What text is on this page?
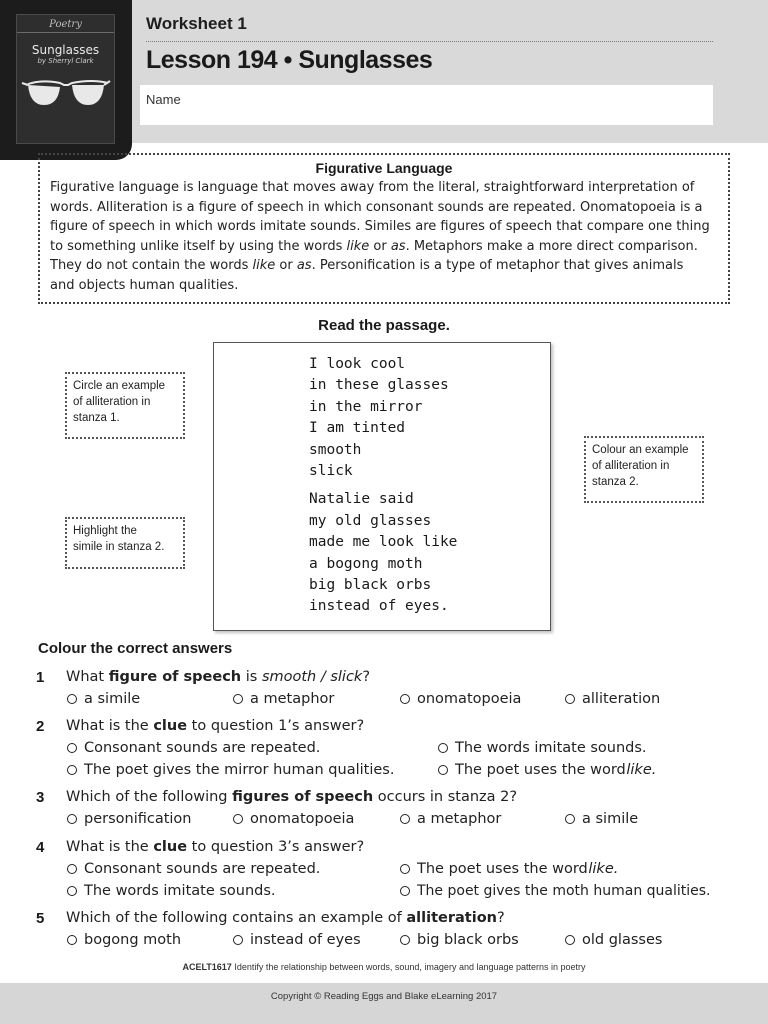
Poetry
Sunglasses
by Sherryl Clark
Worksheet 1
Lesson 194 • Sunglasses
Name
Figurative Language

Figurative language is language that moves away from the literal, straightforward interpretation of

words. Alliteration is a figure of speech in which consonant sounds are repeated. Onomatopoeia is a

figure of speech in which words imitate sounds. Similes are figures of speech that compare one thing

to something unlike itself by using the words like or as. Metaphors make a more direct comparison.

They do not contain the words like or as. Personification is a type of metaphor that gives animals

and objects human qualities.

Read the passage.
I look cool
in these glasses
in the mirror
I am tinted
smooth
slick
Natalie said
my old glasses
made me look like
a bogong moth
big black orbs
instead of eyes.
Circle an example
of alliteration in
stanza 1.
Highlight the
simile in stanza 2.
Colour an example
of alliteration in
stanza 2.
Colour the correct answers
1 What figure of speech is smooth / slick?
a simile	a metaphor	onomatopoeia	alliteration
2 What is the clue to question 1’s answer?
Consonant sounds are repeated.	The words imitate sounds.
The poet gives the mirror human qualities.	The poet uses the word
like.
3 Which of the following figures of speech occurs in stanza 2?
personification	onomatopoeia	a metaphor	a simile
4 What is the clue to question 3’s answer?
Consonant sounds are repeated.	The poet uses the word
like.
The words imitate sounds.	The poet gives the moth human qualities.
5 Which of the following contains an example of alliteration?
bogong moth	instead of eyes	big black orbs	old glasses
ACELT1617 Identify the relationship between words, sound, imagery and language patterns in poetry
Copyright © Reading Eggs and Blake eLearning 2017
